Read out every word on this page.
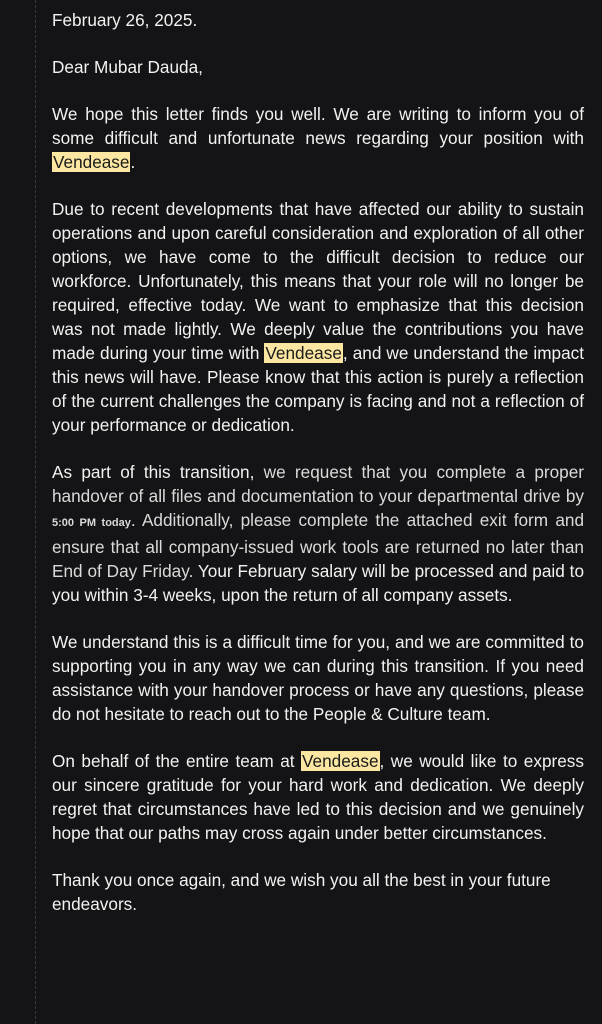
February 26, 2025.

Dear Mubar Dauda,

We hope this letter finds you well. We are writing to inform you of some difficult and unfortunate news regarding your position with Vendease.

Due to recent developments that have affected our ability to sustain operations and upon careful consideration and exploration of all other options, we have come to the difficult decision to reduce our workforce. Unfortunately, this means that your role will no longer be required, effective today. We want to emphasize that this decision was not made lightly. We deeply value the contributions you have made during your time with Vendease, and we understand the impact this news will have. Please know that this action is purely a reflection of the current challenges the company is facing and not a reflection of your performance or dedication.

As part of this transition, we request that you complete a proper handover of all files and documentation to your departmental drive by 5:00 PM today. Additionally, please complete the attached exit form and ensure that all company-issued work tools are returned no later than End of Day Friday. Your February salary will be processed and paid to you within 3-4 weeks, upon the return of all company assets.

We understand this is a difficult time for you, and we are committed to supporting you in any way we can during this transition. If you need assistance with your handover process or have any questions, please do not hesitate to reach out to the People & Culture team.

On behalf of the entire team at Vendease, we would like to express our sincere gratitude for your hard work and dedication. We deeply regret that circumstances have led to this decision and we genuinely hope that our paths may cross again under better circumstances.

Thank you once again, and we wish you all the best in your future endeavors.
